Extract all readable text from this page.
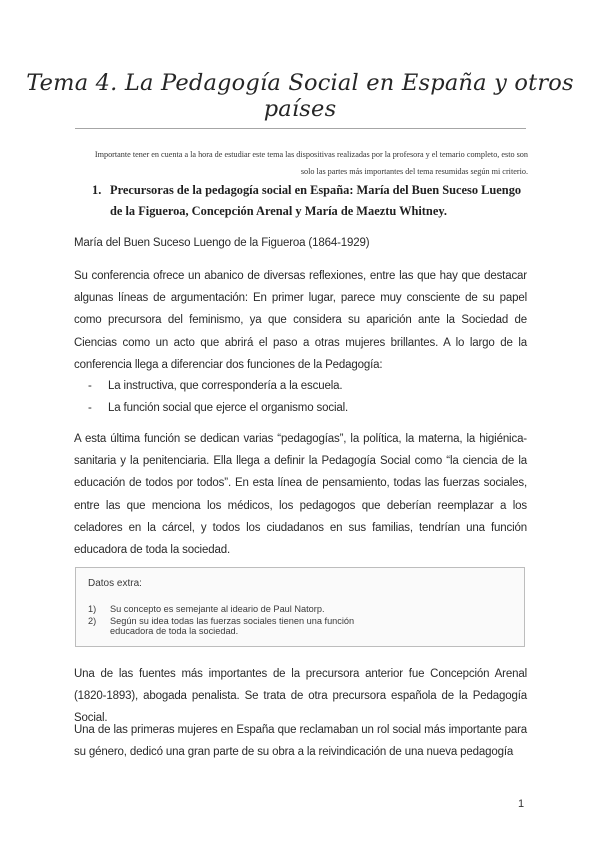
Tema 4. La Pedagogía Social en España y otros países

Importante tener en cuenta a la hora de estudiar este tema las dispositivas realizadas por la profesora y el temario completo, esto son solo las partes más importantes del tema resumidas según mi criterio.

1. Precursoras de la pedagogía social en España: María del Buen Suceso Luengo de la Figueroa, Concepción Arenal y María de Maeztu Whitney.

María del Buen Suceso Luengo de la Figueroa (1864-1929)

Su conferencia ofrece un abanico de diversas reflexiones, entre las que hay que destacar algunas líneas de argumentación: En primer lugar, parece muy consciente de su papel como precursora del feminismo, ya que considera su aparición ante la Sociedad de Ciencias como un acto que abrirá el paso a otras mujeres brillantes. A lo largo de la conferencia llega a diferenciar dos funciones de la Pedagogía:

- La instructiva, que correspondería a la escuela.
- La función social que ejerce el organismo social.

A esta última función se dedican varias “pedagogías”, la política, la materna, la higiénica-sanitaria y la penitenciaria. Ella llega a definir la Pedagogía Social como “la ciencia de la educación de todos por todos”. En esta línea de pensamiento, todas las fuerzas sociales, entre las que menciona los médicos, los pedagogos que deberían reemplazar a los celadores en la cárcel, y todos los ciudadanos en sus familias, tendrían una función educadora de toda la sociedad.

Datos extra:
1) Su concepto es semejante al ideario de Paul Natorp.
2) Según su idea todas las fuerzas sociales tienen una función educadora de toda la sociedad.

Una de las fuentes más importantes de la precursora anterior fue Concepción Arenal (1820-1893), abogada penalista. Se trata de otra precursora española de la Pedagogía Social.

Una de las primeras mujeres en España que reclamaban un rol social más importante para su género, dedicó una gran parte de su obra a la reivindicación de una nueva pedagogía

1
